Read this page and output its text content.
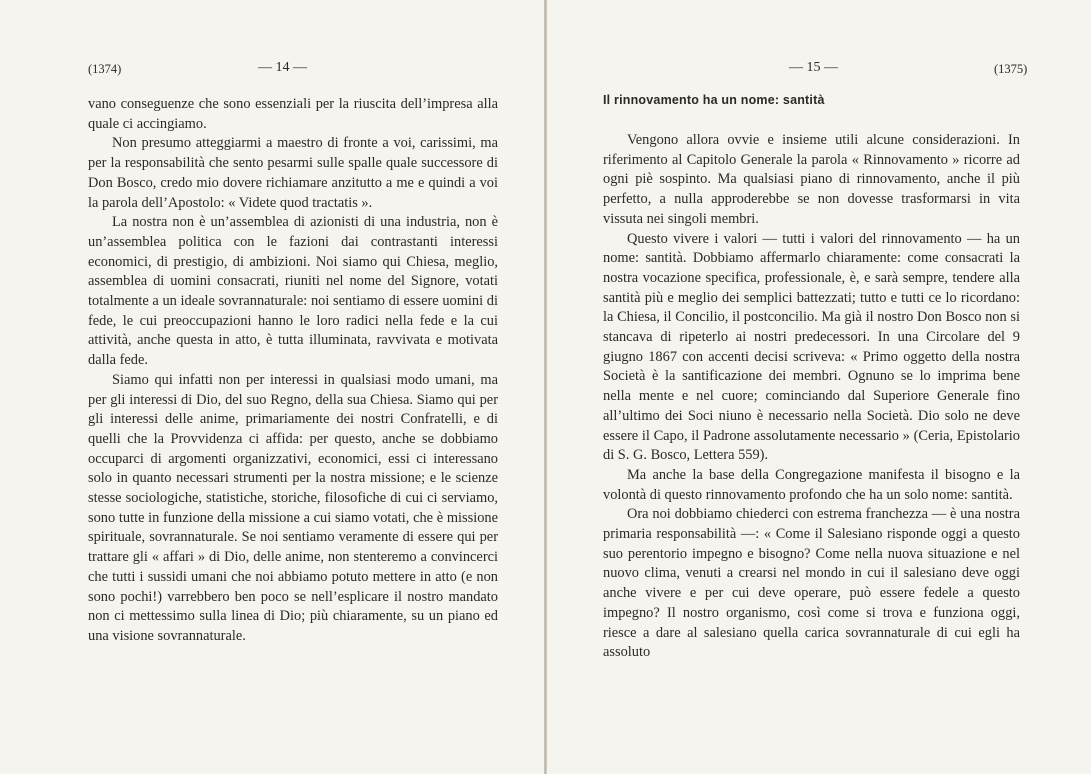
(1374)	— 14 —

vano conseguenze che sono essenziali per la riuscita dell’impresa alla quale ci accingiamo.

Non presumo atteggiarmi a maestro di fronte a voi, carissimi, ma per la responsabilità che sento pesarmi sulle spalle quale successore di Don Bosco, credo mio dovere richiamare anzitutto a me e quindi a voi la parola dell’Apostolo: « Videte quod tractatis ».

La nostra non è un’assemblea di azionisti di una industria, non è un’assemblea politica con le fazioni dai contrastanti interessi economici, di prestigio, di ambizioni. Noi siamo qui Chiesa, meglio, assemblea di uomini consacrati, riuniti nel nome del Signore, votati totalmente a un ideale sovrannaturale: noi sentiamo di essere uomini di fede, le cui preoccupazioni hanno le loro radici nella fede e la cui attività, anche questa in atto, è tutta illuminata, ravvivata e motivata dalla fede.

Siamo qui infatti non per interessi in qualsiasi modo umani, ma per gli interessi di Dio, del suo Regno, della sua Chiesa. Siamo qui per gli interessi delle anime, primariamente dei nostri Confratelli, e di quelli che la Provvidenza ci affida: per questo, anche se dobbiamo occuparci di argomenti organizzativi, economici, essi ci interessano solo in quanto necessari strumenti per la nostra missione; e le scienze stesse sociologiche, statistiche, storiche, filosofiche di cui ci serviamo, sono tutte in funzione della missione a cui siamo votati, che è missione spirituale, sovrannaturale. Se noi sentiamo veramente di essere qui per trattare gli « affari » di Dio, delle anime, non stenteremo a convincerci che tutti i sussidi umani che noi abbiamo potuto mettere in atto (e non sono pochi!) varrebbero ben poco se nell’esplicare il nostro mandato non ci mettessimo sulla linea di Dio; più chiaramente, su un piano ed una visione sovrannaturale.

— 15 —	(1375)
Il rinnovamento ha un nome: santità

Vengono allora ovvie e insieme utili alcune considerazioni. In riferimento al Capitolo Generale la parola « Rinnovamento » ricorre ad ogni piè sospinto. Ma qualsiasi piano di rinnovamento, anche il più perfetto, a nulla approderebbe se non dovesse trasformarsi in vita vissuta nei singoli membri.

Questo vivere i valori — tutti i valori del rinnovamento — ha un nome: santità. Dobbiamo affermarlo chiaramente: come consacrati la nostra vocazione specifica, professionale, è, e sarà sempre, tendere alla santità più e meglio dei semplici battezzati; tutto e tutti ce lo ricordano: la Chiesa, il Concilio, il postconcilio. Ma già il nostro Don Bosco non si stancava di ripeterlo ai nostri predecessori. In una Circolare del 9 giugno 1867 con accenti decisi scriveva: « Primo oggetto della nostra Società è la santificazione dei membri. Ognuno se lo imprima bene nella mente e nel cuore; cominciando dal Superiore Generale fino all’ultimo dei Soci niuno è necessario nella Società. Dio solo ne deve essere il Capo, il Padrone assolutamente necessario » (Ceria, Epistolario di S. G. Bosco, Lettera 559).

Ma anche la base della Congregazione manifesta il bisogno e la volontà di questo rinnovamento profondo che ha un solo nome: santità.

Ora noi dobbiamo chiederci con estrema franchezza — è una nostra primaria responsabilità —: « Come il Salesiano risponde oggi a questo suo perentorio impegno e bisogno? Come nella nuova situazione e nel nuovo clima, venuti a crearsi nel mondo in cui il salesiano deve oggi anche vivere e per cui deve operare, può essere fedele a questo impegno? Il nostro organismo, così come si trova e funziona oggi, riesce a dare al salesiano quella carica sovrannaturale di cui egli ha assoluto
